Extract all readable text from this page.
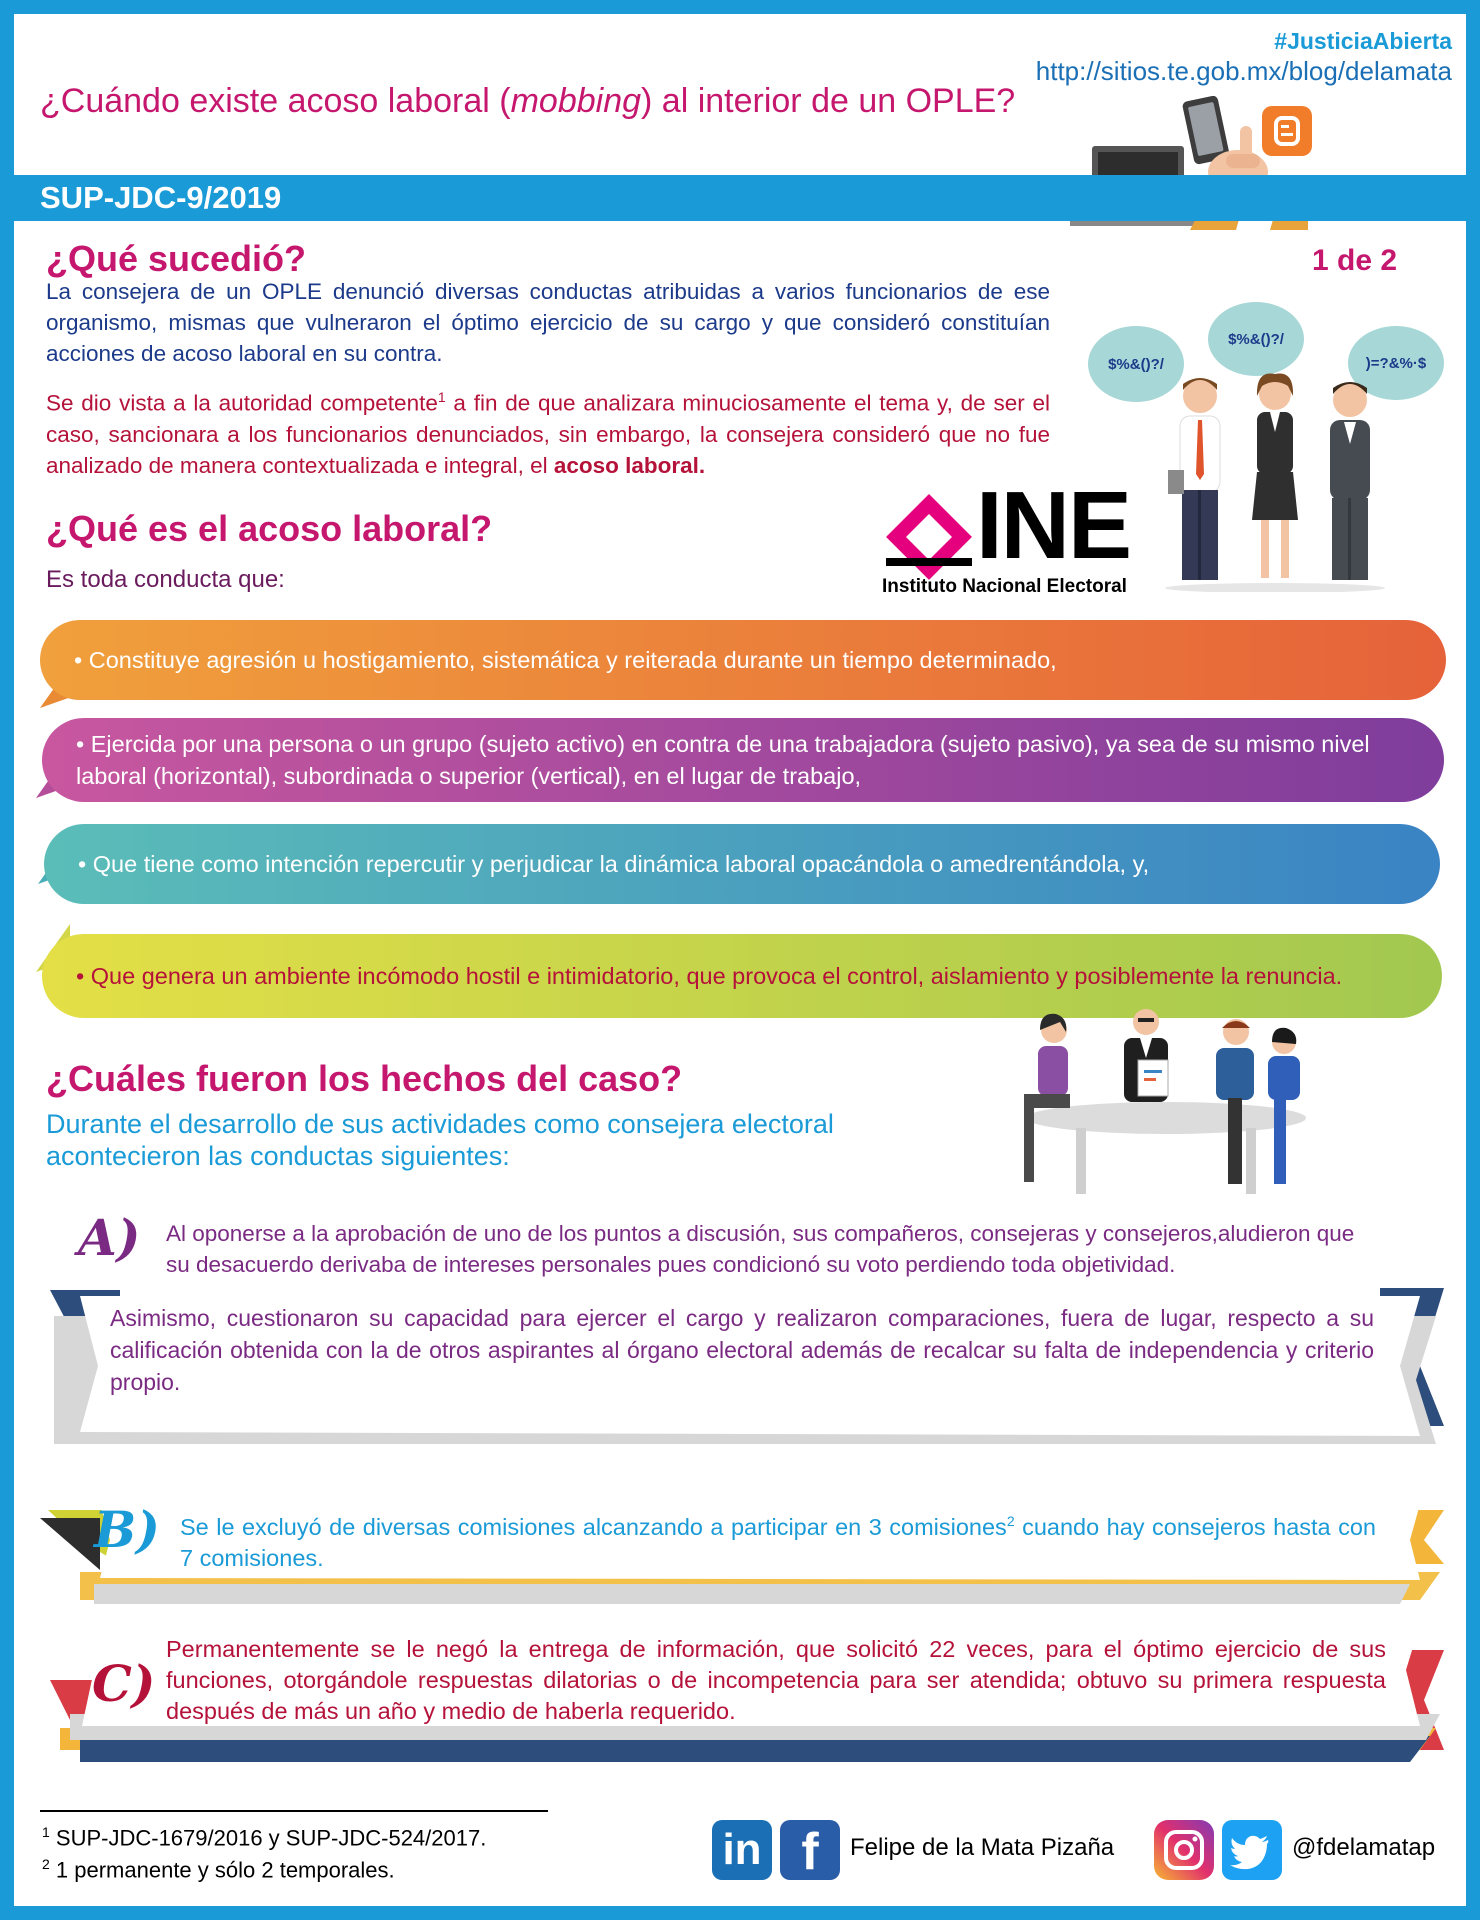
¿Cuándo existe acoso laboral (mobbing) al interior de un OPLE?
#JusticiaAbierta
http://sitios.te.gob.mx/blog/delamata
SUP-JDC-9/2019
¿Qué sucedió?	1 de 2
La consejera de un OPLE denunció diversas conductas atribuidas a varios funcionarios de ese organismo, mismas que vulneraron el óptimo ejercicio de su cargo y que consideró constituían acciones de acoso laboral en su contra.
Se dio vista a la autoridad competente$^1$ a fin de que analizara minuciosamente el tema y, de ser el caso, sancionara a los funcionarios denunciados, sin embargo, la consejera consideró que no fue analizado de manera contextualizada e integral, el acoso laboral.
$%&()?/
$%&()?/
)=?&%·$
INE
Instituto Nacional Electoral
¿Qué es el acoso laboral?
Es toda conducta que:
• Constituye agresión u hostigamiento, sistemática y reiterada durante un tiempo determinado,
• Ejercida por una persona o un grupo (sujeto activo) en contra de una trabajadora (sujeto pasivo), ya sea de su mismo nivel laboral (horizontal), subordinada o superior (vertical), en el lugar de trabajo,
• Que tiene como intención repercutir y perjudicar la dinámica laboral opacándola o amedrentándola, y,
• Que genera un ambiente incómodo hostil e intimidatorio, que provoca el control, aislamiento y posiblemente la renuncia.
¿Cuáles fueron los hechos del caso?
Durante el desarrollo de sus actividades como consejera electoral acontecieron las conductas siguientes:
A) Al oponerse a la aprobación de uno de los puntos a discusión, sus compañeros, consejeras y consejeros,aludieron que su desacuerdo derivaba de intereses personales pues condicionó su voto perdiendo toda objetividad.
Asimismo, cuestionaron su capacidad para ejercer el cargo y realizaron comparaciones, fuera de lugar, respecto a su calificación obtenida con la de otros aspirantes al órgano electoral además de recalcar su falta de independencia y criterio propio.
B) Se le excluyó de diversas comisiones alcanzando a participar en 3 comisiones$^2$ cuando hay consejeros hasta con 7 comisiones.
C)
Permanentemente se le negó la entrega de información, que solicitó 22 veces, para el óptimo ejercicio de sus funciones, otorgándole respuestas dilatorias o de incompetencia para ser atendida; obtuvo su primera respuesta después de más un año y medio de haberla requerido.
$^1$ SUP-JDC-1679/2016 y SUP-JDC-524/2017.
$^2$ 1 permanente y sólo 2 temporales.	in f	Felipe de la Mata Pizaña	@fdelamatap
